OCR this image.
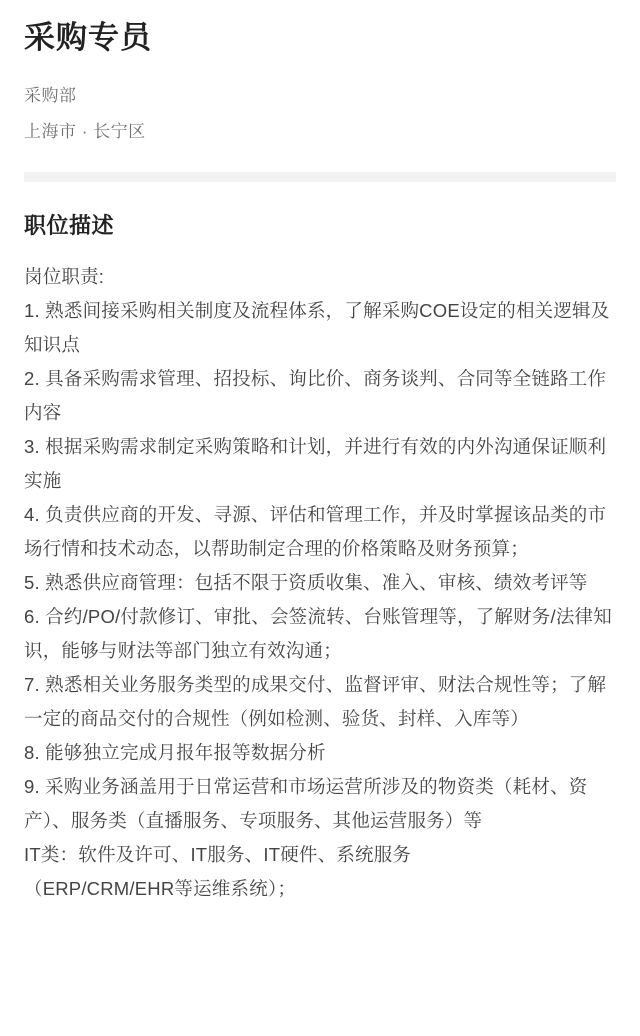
采购专员
采购部
上海市 · 长宁区
职位描述
岗位职责:
1. 熟悉间接采购相关制度及流程体系，了解采购COE设定的相关逻辑及知识点
2. 具备采购需求管理、招投标、询比价、商务谈判、合同等全链路工作内容
3. 根据采购需求制定采购策略和计划，并进行有效的内外沟通保证顺利实施
4. 负责供应商的开发、寻源、评估和管理工作，并及时掌握该品类的市场行情和技术动态，以帮助制定合理的价格策略及财务预算；
5. 熟悉供应商管理：包括不限于资质收集、准入、审核、绩效考评等
6. 合约/PO/付款修订、审批、会签流转、台账管理等，了解财务/法律知识，能够与财法等部门独立有效沟通；
7. 熟悉相关业务服务类型的成果交付、监督评审、财法合规性等；了解一定的商品交付的合规性（例如检测、验货、封样、入库等）
8. 能够独立完成月报年报等数据分析
9. 采购业务涵盖用于日常运营和市场运营所涉及的物资类（耗材、资产）、服务类（直播服务、专项服务、其他运营服务）等
IT类：软件及许可、IT服务、IT硬件、系统服务
（ERP/CRM/EHR等运维系统）；
